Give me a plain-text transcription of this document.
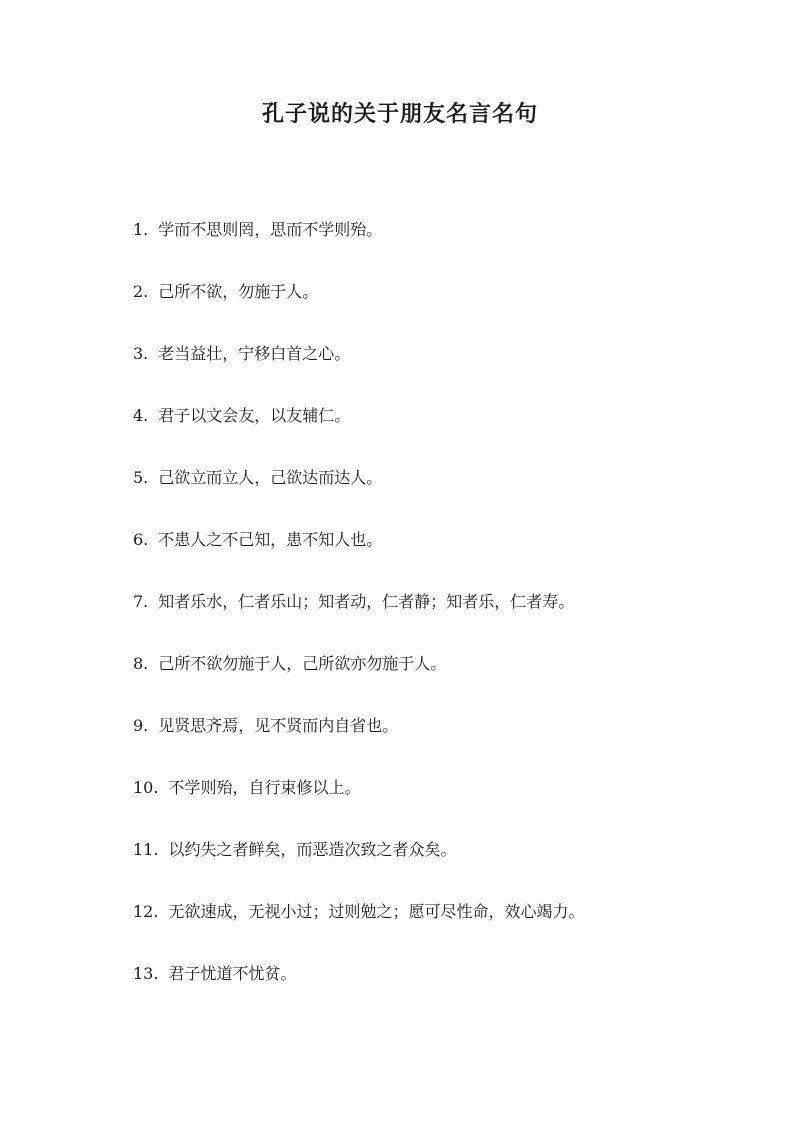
孔子说的关于朋友名言名句
1. 学而不思则罔，思而不学则殆。
2. 己所不欲，勿施于人。
3. 老当益壮，宁移白首之心。
4. 君子以文会友，以友辅仁。
5. 己欲立而立人，己欲达而达人。
6. 不患人之不己知，患不知人也。
7. 知者乐水，仁者乐山；知者动，仁者静；知者乐，仁者寿。
8. 己所不欲勿施于人，己所欲亦勿施于人。
9. 见贤思齐焉，见不贤而内自省也。
10. 不学则殆，自行束修以上。
11. 以约失之者鲜矣，而恶造次致之者众矣。
12. 无欲速成，无视小过；过则勉之；愿可尽性命，效心竭力。
13. 君子忧道不忧贫。
